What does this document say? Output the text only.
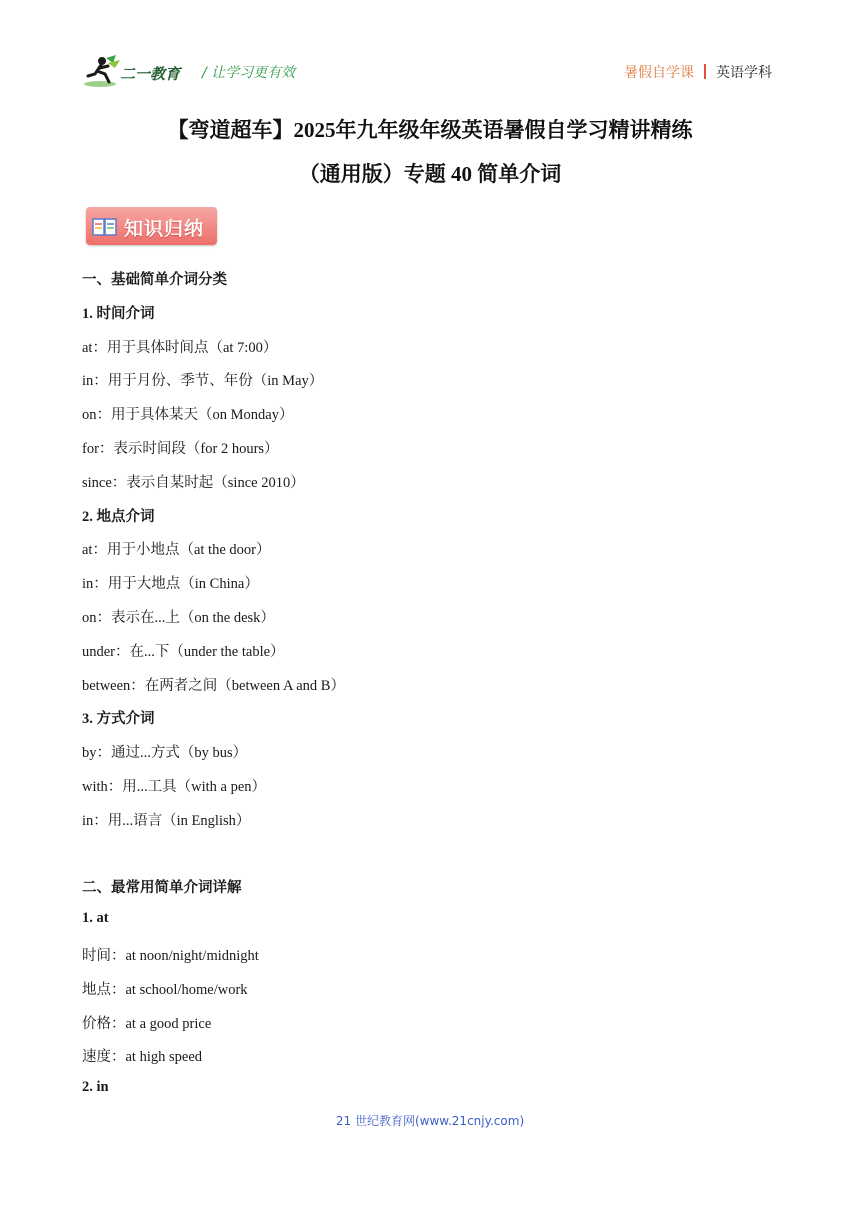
二一教育 / 让学习更有效	暑假自学课 英语学科
【弯道超车】2025年九年级年级英语暑假自学习精讲精练
（通用版）专题 40 简单介词
知识归纳
一、基础简单介词分类
1. 时间介词
at：用于具体时间点（at 7:00）
in：用于月份、季节、年份（in May）
on：用于具体某天（on Monday）
for：表示时间段（for 2 hours）
since：表示自某时起（since 2010）
2. 地点介词
at：用于小地点（at the door）
in：用于大地点（in China）
on：表示在...上（on the desk）
under：在...下（under the table）
between：在两者之间（between A and B）
3. 方式介词
by：通过...方式（by bus）
with：用...工具（with a pen）
in：用...语言（in English）
二、最常用简单介词详解
1. at
时间：at noon/night/midnight
地点：at school/home/work
价格：at a good price
速度：at high speed
2. in
21 世纪教育网(www.21cnjy.com)
